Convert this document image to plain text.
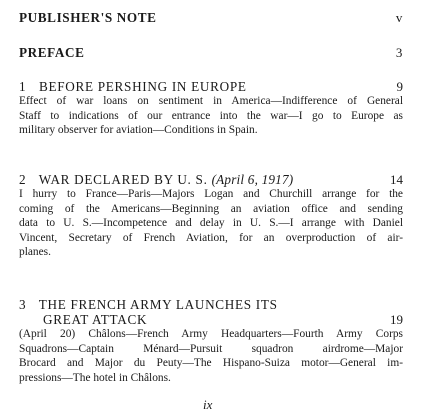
PUBLISHER'S NOTE	v
PREFACE	3
1 BEFORE PERSHING IN EUROPE	9
Effect of war loans on sentiment in America—Indifference of General
Staff to indications of our entrance into the war—I go to Europe as
military observer for aviation—Conditions in Spain.
2 WAR DECLARED BY U. S. (April 6, 1917)	14
I hurry to France—Paris—Majors Logan and Churchill arrange for the
coming of the Americans—Beginning an aviation office and sending
data to U. S.—Incompetence and delay in U. S.—I arrange with Daniel
Vincent, Secretary of French Aviation, for an overproduction of air-
planes.
3 THE FRENCH ARMY LAUNCHES ITS
GREAT ATTACK	19
(April 20) Châlons—French Army Headquarters—Fourth Army Corps
Squadrons—Captain Ménard—Pursuit squadron airdrome—Major
Brocard and Major du Peuty—The Hispano-Suiza motor—General im-
pressions—The hotel in Châlons.
ix
